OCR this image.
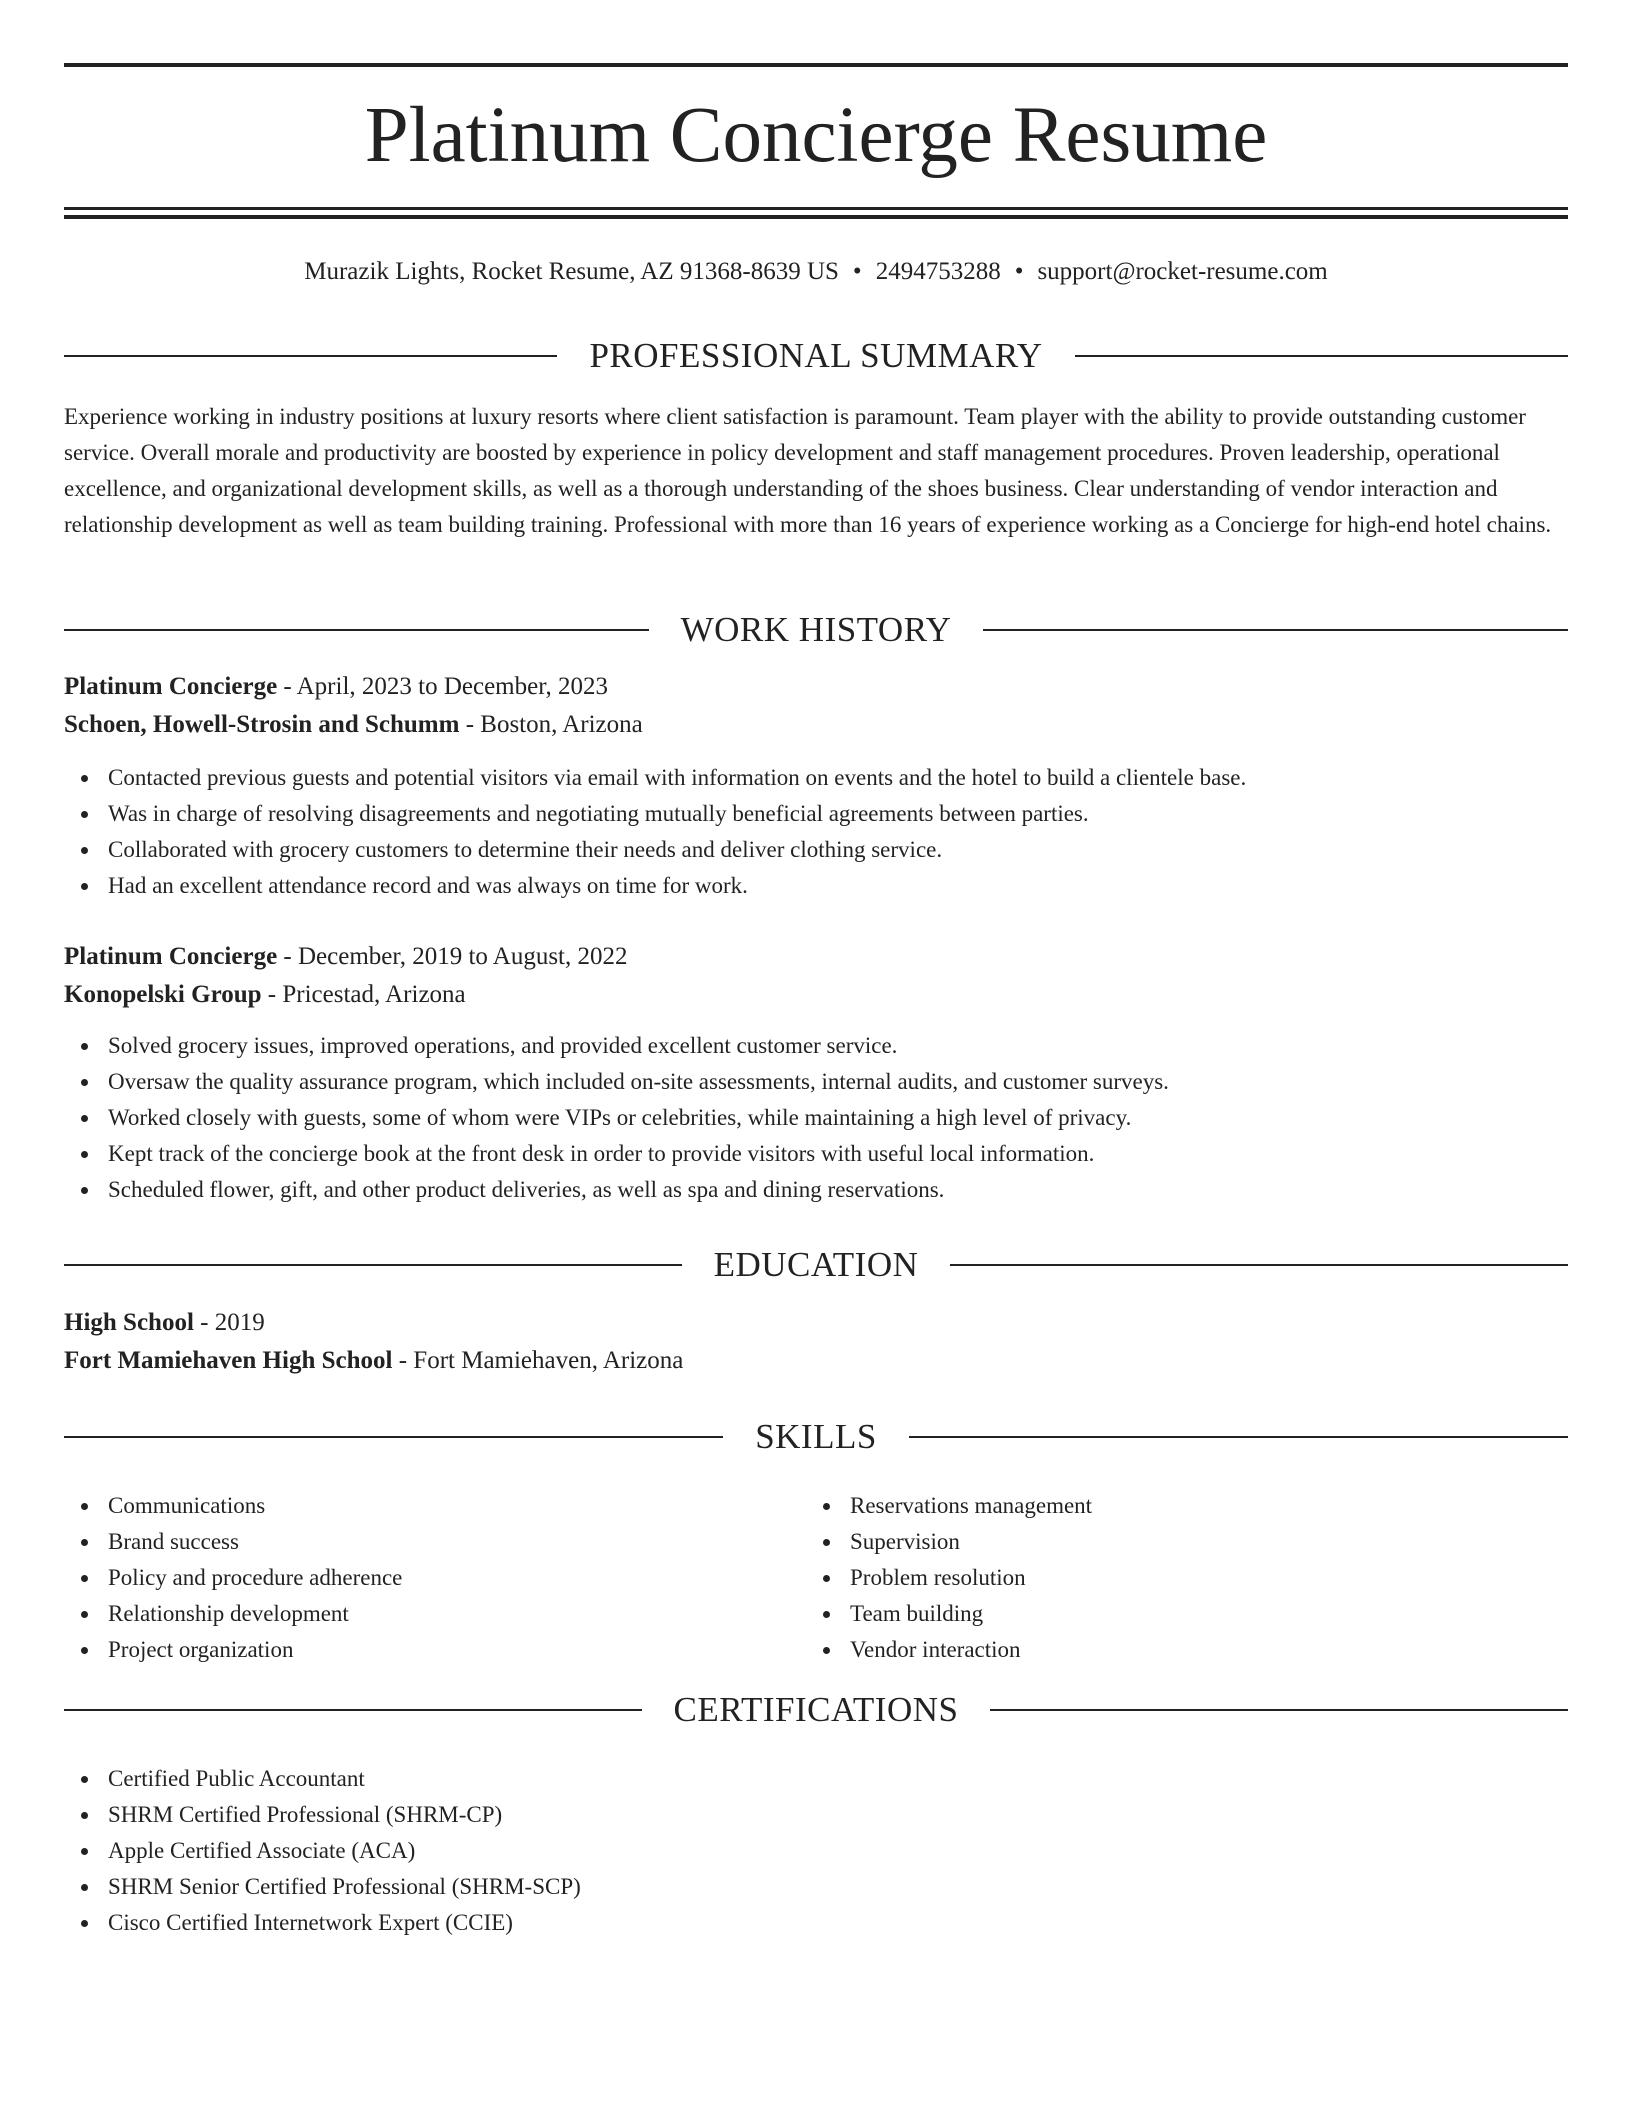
Platinum Concierge Resume
Murazik Lights, Rocket Resume, AZ 91368-8639 US • 2494753288 • support@rocket-resume.com
PROFESSIONAL SUMMARY

Experience working in industry positions at luxury resorts where client satisfaction is paramount. Team player with the ability to provide outstanding customer service. Overall morale and productivity are boosted by experience in policy development and staff management procedures. Proven leadership, operational excellence, and organizational development skills, as well as a thorough understanding of the shoes business. Clear understanding of vendor interaction and relationship development as well as team building training. Professional with more than 16 years of experience working as a Concierge for high-end hotel chains.

WORK HISTORY

Platinum Concierge - April, 2023 to December, 2023

Schoen, Howell-Strosin and Schumm - Boston, Arizona

Contacted previous guests and potential visitors via email with information on events and the hotel to build a clientele base.
Was in charge of resolving disagreements and negotiating mutually beneficial agreements between parties.
Collaborated with grocery customers to determine their needs and deliver clothing service.
Had an excellent attendance record and was always on time for work.

Platinum Concierge - December, 2019 to August, 2022

Konopelski Group - Pricestad, Arizona

Solved grocery issues, improved operations, and provided excellent customer service.
Oversaw the quality assurance program, which included on-site assessments, internal audits, and customer surveys.
Worked closely with guests, some of whom were VIPs or celebrities, while maintaining a high level of privacy.
Kept track of the concierge book at the front desk in order to provide visitors with useful local information.
Scheduled flower, gift, and other product deliveries, as well as spa and dining reservations.
EDUCATION

High School - 2019

Fort Mamiehaven High School - Fort Mamiehaven, Arizona

SKILLS
Communications
Brand success
Policy and procedure adherence
Relationship development
Project organization
Reservations management
Supervision
Problem resolution
Team building
Vendor interaction
CERTIFICATIONS
Certified Public Accountant
SHRM Certified Professional (SHRM-CP)
Apple Certified Associate (ACA)
SHRM Senior Certified Professional (SHRM-SCP)
Cisco Certified Internetwork Expert (CCIE)
